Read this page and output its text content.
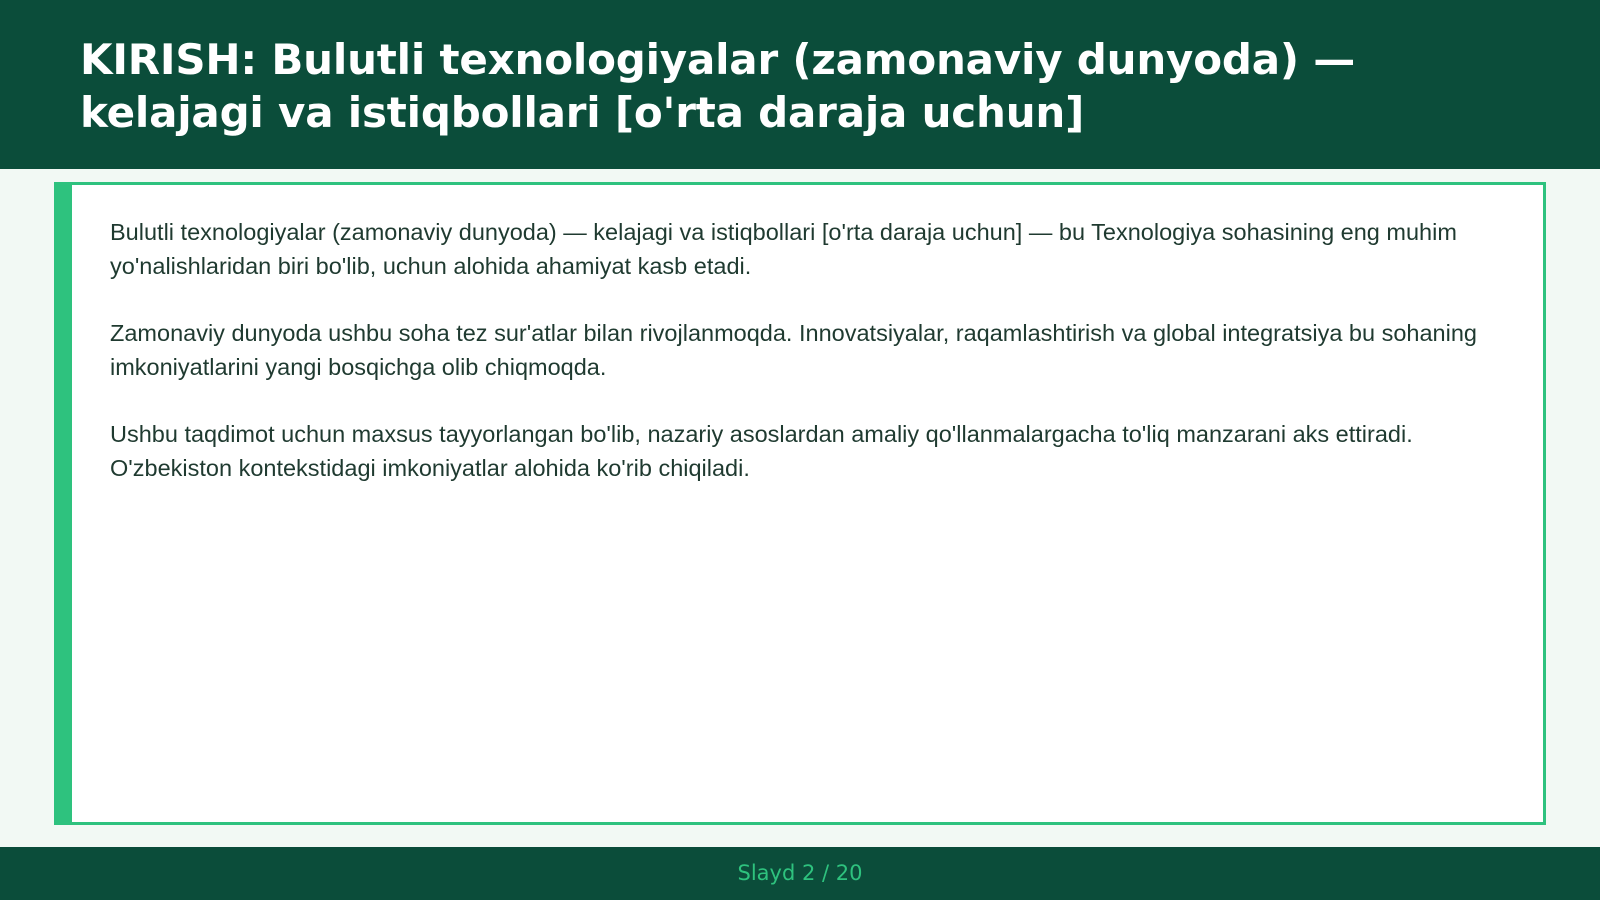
KIRISH: Bulutli texnologiyalar (zamonaviy dunyoda) — kelajagi va istiqbollari [o'rta daraja uchun]

Bulutli texnologiyalar (zamonaviy dunyoda) — kelajagi va istiqbollari [o'rta daraja uchun] — bu Texnologiya sohasining eng muhim yo'nalishlaridan biri bo'lib, uchun alohida ahamiyat kasb etadi.

Zamonaviy dunyoda ushbu soha tez sur'atlar bilan rivojlanmoqda. Innovatsiyalar, raqamlashtirish va global integratsiya bu sohaning imkoniyatlarini yangi bosqichga olib chiqmoqda.

Ushbu taqdimot uchun maxsus tayyorlangan bo'lib, nazariy asoslardan amaliy qo'llanmalargacha to'liq manzarani aks ettiradi. O'zbekiston kontekstidagi imkoniyatlar alohida ko'rib chiqiladi.

Slayd 2 / 20
